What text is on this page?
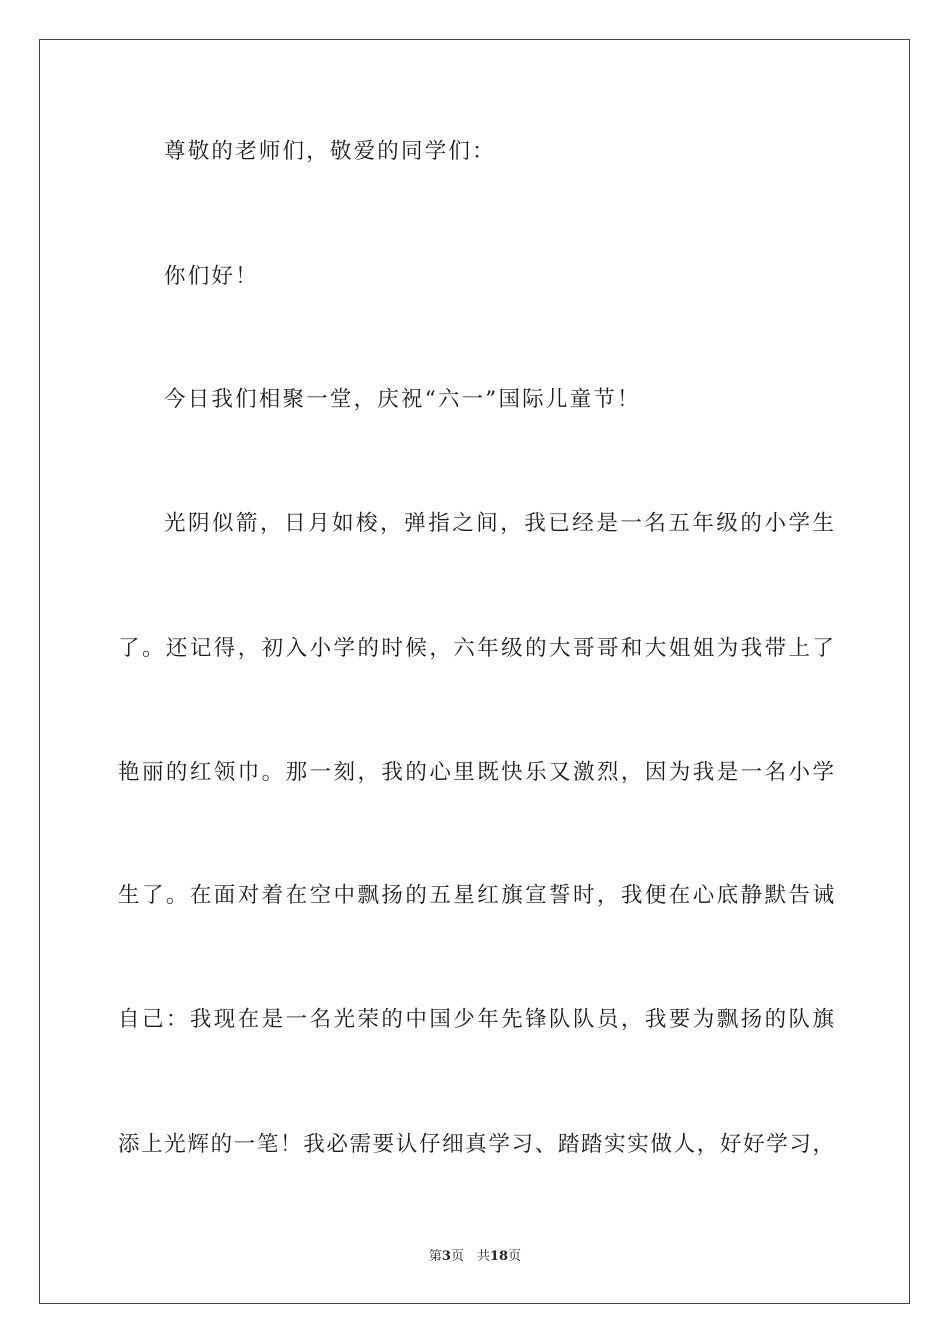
尊敬的老师们，敬爱的同学们：
你们好！
今日我们相聚一堂，庆祝“六一”国际儿童节！
光阴似箭，日月如梭，弹指之间，我已经是一名五年级的小学生
了。还记得，初入小学的时候，六年级的大哥哥和大姐姐为我带上了
艳丽的红领巾。那一刻，我的心里既快乐又激烈，因为我是一名小学
生了。在面对着在空中飘扬的五星红旗宣誓时，我便在心底静默告诫
自己：我现在是一名光荣的中国少年先锋队队员，我要为飘扬的队旗
添上光辉的一笔！我必需要认仔细真学习、踏踏实实做人，好好学习，
第3页　共18页
